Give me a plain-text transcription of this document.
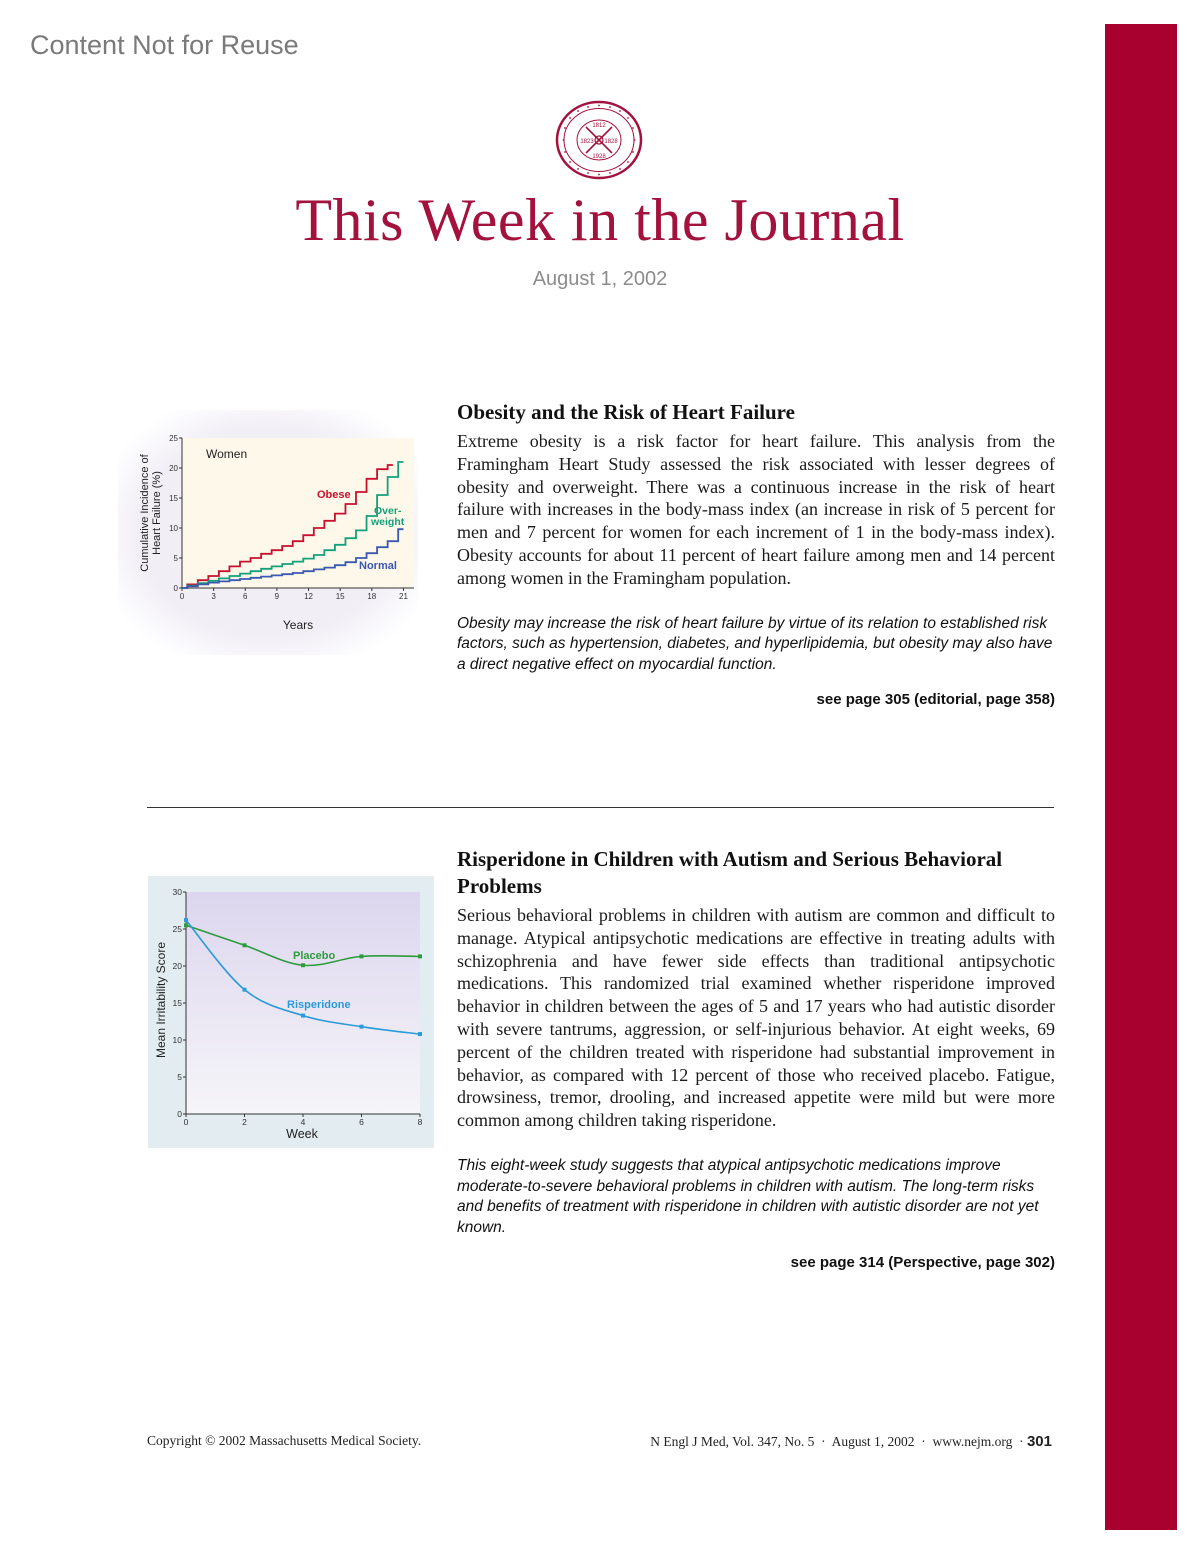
Content Not for Reuse
1812
1828
1823
1928
This Week in the Journal
August 1, 2002
0	3	6	9	12	15	18	21
0
5
10
15
20
25
Women
Years
Cumulative Incidence ofHeart Failure (%)	Obese
Over-
weight
Normal
Obesity and the Risk of Heart Failure

Extreme obesity is a risk factor for heart failure. This analysis from the Framingham Heart Study assessed the risk associated with lesser degrees of obesity and overweight. There was a continuous increase in the risk of heart failure with increases in the body-mass index (an increase in risk of 5 percent for men and 7 percent for women for each increment of 1 in the body-mass index). Obesity accounts for about 11 percent of heart failure among men and 14 percent among women in the Framingham population.

Obesity may increase the risk of heart failure by virtue of its relation to established risk factors, such as hypertension, diabetes, and hyperlipidemia, but obesity may also have a direct negative effect on myocardial function.

see page 305 (editorial, page 358)

0	2	4	6	8
0
5
10
15
20
25
30
Week
Mean Irritability Score	Placebo
Risperidone
Risperidone in Children with Autism and Serious Behavioral Problems

Serious behavioral problems in children with autism are common and difficult to manage. Atypical antipsychotic medications are effective in treating adults with schizophrenia and have fewer side effects than traditional antipsychotic medications. This randomized trial examined whether risperidone improved behavior in children between the ages of 5 and 17 years who had autistic disorder with severe tantrums, aggression, or self-injurious behavior. At eight weeks, 69 percent of the children treated with risperidone had substantial improvement in behavior, as compared with 12 percent of those who received placebo. Fatigue, drowsiness, tremor, drooling, and increased appetite were mild but were more common among children taking risperidone.

This eight-week study suggests that atypical antipsychotic medications improve moderate-to-severe behavioral problems in children with autism. The long-term risks and benefits of treatment with risperidone in children with autistic disorder are not yet known.

see page 314 (Perspective, page 302)

Copyright © 2002 Massachusetts Medical Society.	N Engl J Med, Vol. 347, No. 5  ·  August 1, 2002  ·  www.nejm.org  · 301
